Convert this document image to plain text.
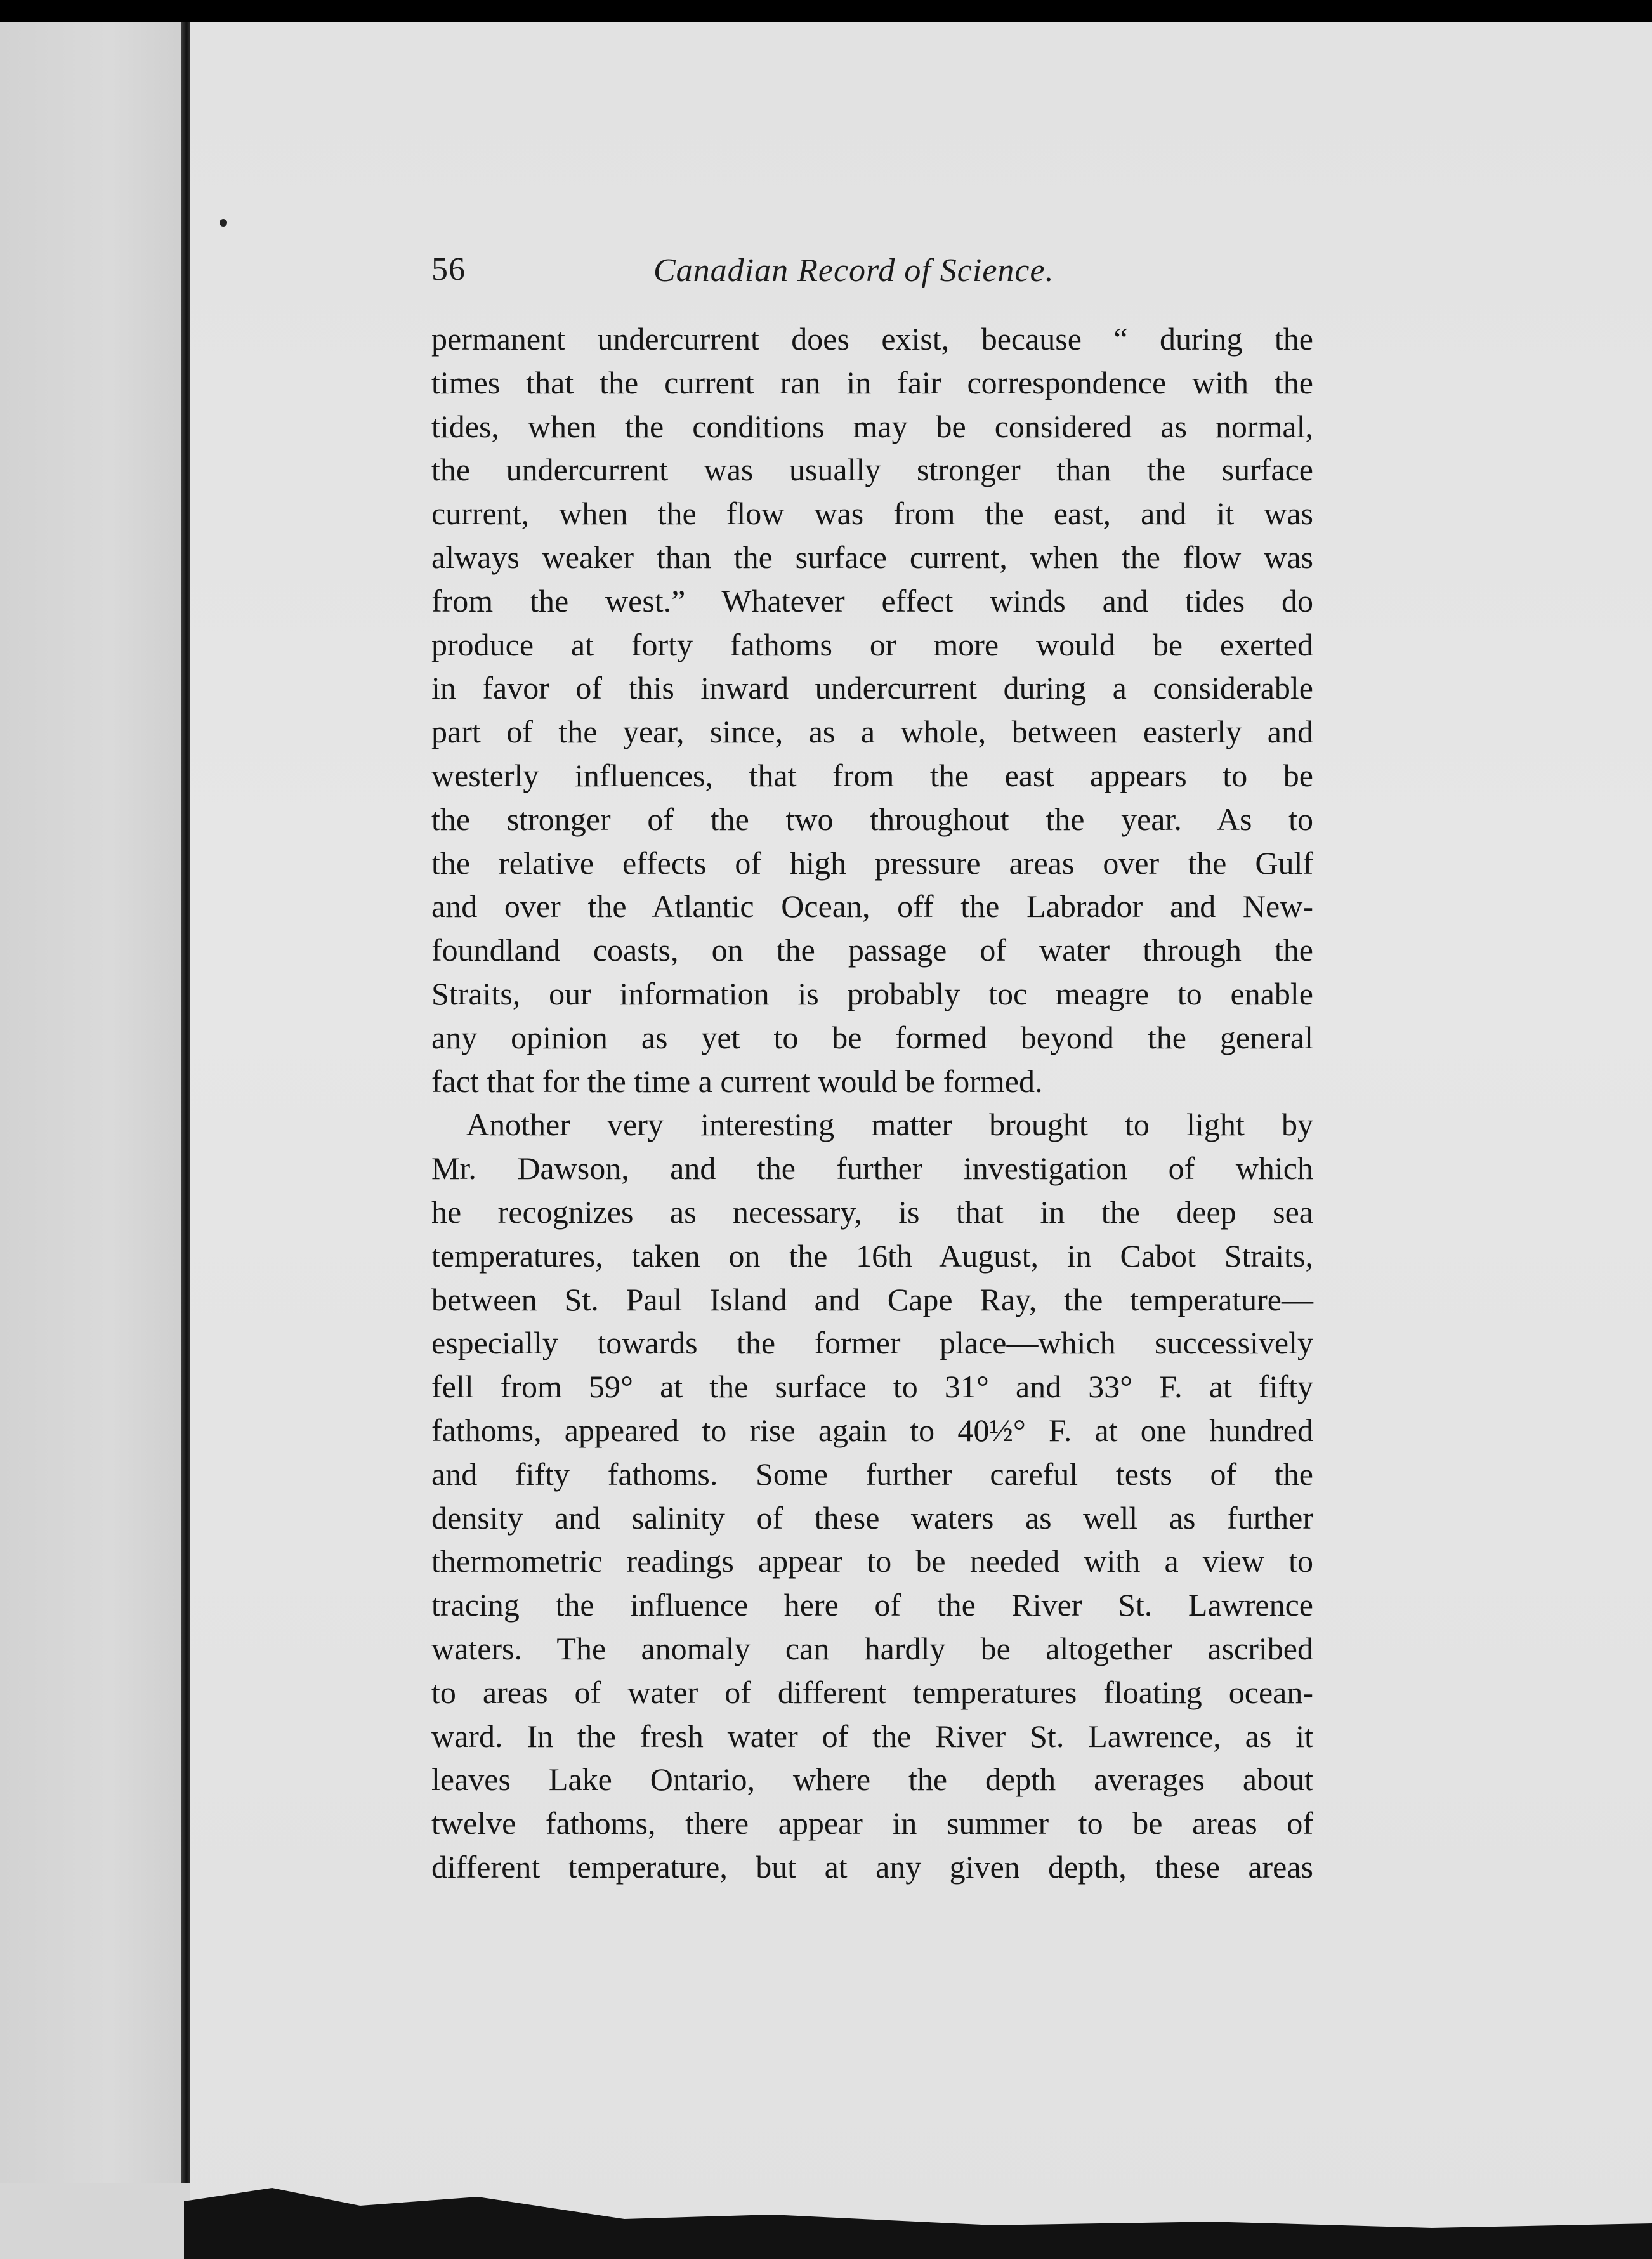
56	Canadian Record of Science.
permanent undercurrent does exist, because “ during the
times that the current ran in fair correspondence with the
tides, when the conditions may be considered as normal,
the undercurrent was usually stronger than the surface
current, when the flow was from the east, and it was
always weaker than the surface current, when the flow was
from the west.” Whatever effect winds and tides do
produce at forty fathoms or more would be exerted
in favor of this inward undercurrent during a considerable
part of the year, since, as a whole, between easterly and
westerly influences, that from the east appears to be
the stronger of the two throughout the year. As to
the relative effects of high pressure areas over the Gulf
and over the Atlantic Ocean, off the Labrador and New-
foundland coasts, on the passage of water through the
Straits, our information is probably toc meagre to enable
any opinion as yet to be formed beyond the general
fact that for the time a current would be formed.
Another very interesting matter brought to light by
Mr. Dawson, and the further investigation of which
he recognizes as necessary, is that in the deep sea
temperatures, taken on the 16th August, in Cabot Straits,
between St. Paul Island and Cape Ray, the temperature—
especially towards the former place—which successively
fell from 59° at the surface to 31° and 33° F. at fifty
fathoms, appeared to rise again to 40½° F. at one hundred
and fifty fathoms. Some further careful tests of the
density and salinity of these waters as well as further
thermometric readings appear to be needed with a view to
tracing the influence here of the River St. Lawrence
waters. The anomaly can hardly be altogether ascribed
to areas of water of different temperatures floating ocean-
ward. In the fresh water of the River St. Lawrence, as it
leaves Lake Ontario, where the depth averages about
twelve fathoms, there appear in summer to be areas of
different temperature, but at any given depth, these areas
